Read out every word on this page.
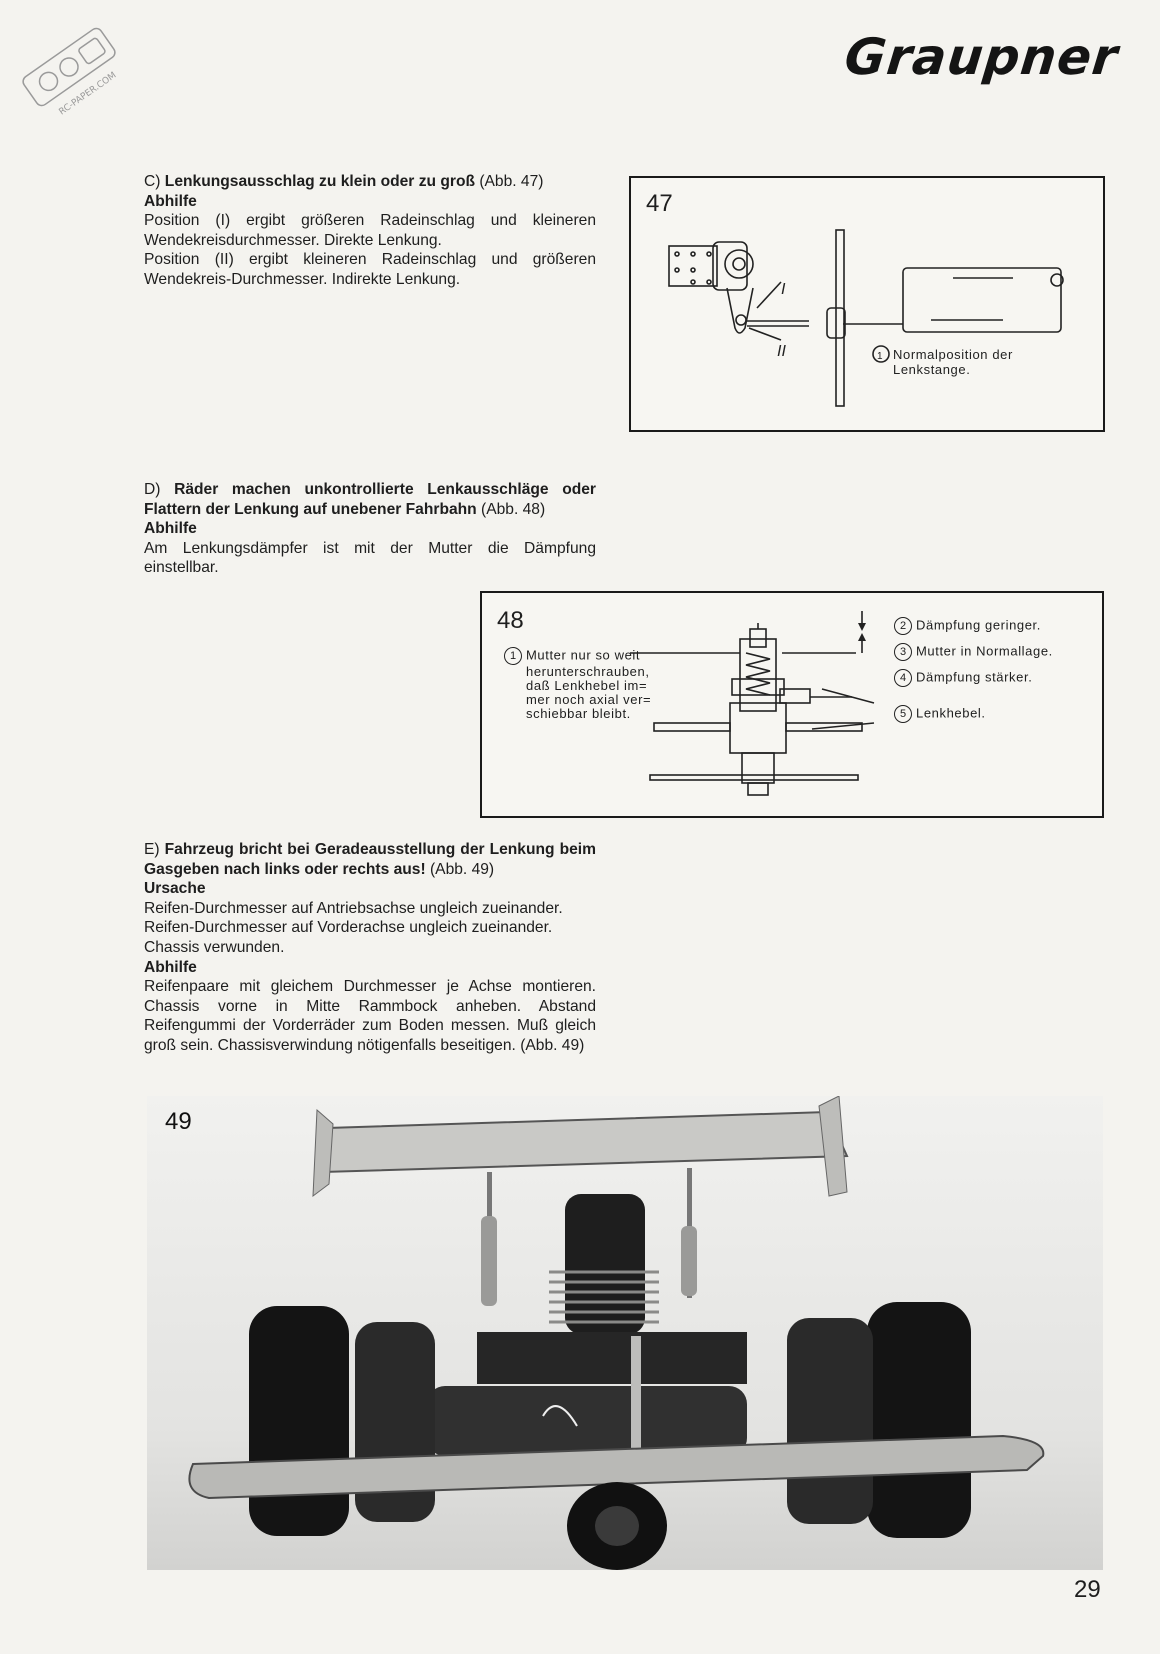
Graupner
RC-PAPER.COM

C) Lenkungsausschlag zu klein oder zu groß (Abb. 47)

Abhilfe

Position (I) ergibt größeren Radeinschlag und kleineren Wendekreisdurchmesser. Direkte Lenkung.

Position (II) ergibt kleineren Radeinschlag und größeren Wendekreis-Durchmesser. Indirekte Lenkung.

47
I
II	1 Normalposition der
Lenkstange.

D) Räder machen unkontrollierte Lenkausschläge oder Flattern der Lenkung auf unebener Fahrbahn (Abb. 48)

Abhilfe

Am Lenkungsdämpfer ist mit der Mutter die Dämpfung einstellbar.

48
1 Mutter nur so weit
herunterschrauben,
daß Lenkhebel im=
mer noch axial ver=
schiebbar bleibt.
2 Dämpfung geringer.
3 Mutter in Normallage.
4 Dämpfung stärker.
5 Lenkhebel.

E) Fahrzeug bricht bei Geradeausstellung der Lenkung beim Gasgeben nach links oder rechts aus! (Abb. 49)

Ursache

Reifen-Durchmesser auf Antriebsachse ungleich zueinander.

Reifen-Durchmesser auf Vorderachse ungleich zueinander.

Chassis verwunden.

Abhilfe

Reifenpaare mit gleichem Durchmesser je Achse montieren. Chassis vorne in Mitte Rammbock anheben. Abstand Reifengummi der Vorderräder zum Boden messen. Muß gleich groß sein. Chassisverwindung nötigenfalls beseitigen. (Abb. 49)

49
29
